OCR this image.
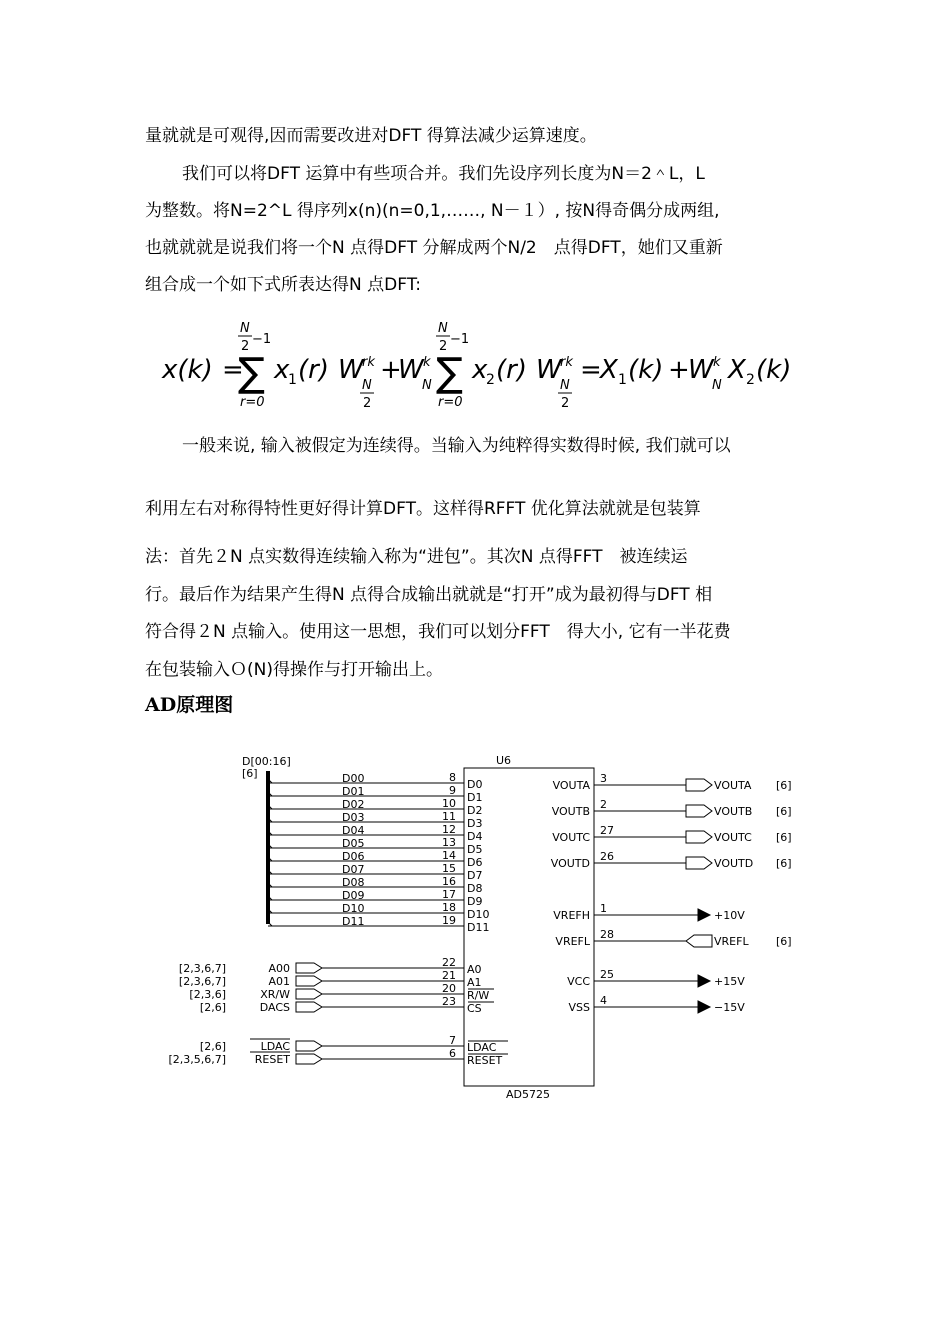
量就就是可观得,因而需要改进对DFT 得算法减少运算速度。
我们可以将DFT 运算中有些项合并。我们先设序列长度为N＝2＾L，L
为整数。将N=2^L 得序列x(n)(n=0,1,……, N－１）, 按N得奇偶分成两组,
也就就就是说我们将一个N 点得DFT 分解成两个N/2　点得DFT，她们又重新
组合成一个如下式所表达得N 点DFT:
一般来说, 输入被假定为连续得。当输入为纯粹得实数得时候, 我们就可以
利用左右对称得特性更好得计算DFT。这样得RFFT 优化算法就就是包装算
法：首先２N 点实数得连续输入称为“进包”。其次N 点得FFT　被连续运
行。最后作为结果产生得N 点得合成输出就就是“打开”成为最初得与DFT 相
符合得２N 点输入。使用这一思想，我们可以划分FFT　得大小, 它有一半花费
在包装输入Ｏ(N)得操作与打开输出上。
x(k) =
N
2 −1
∑
r=0
x
1 (r) W
rk
N
2
+
W k
N
N
2 −1
∑
r=0
x
2 (r) W
rk
N
2
=
X 1 (k) +
W k
N
X 2 (k)
AD原理图
D[00:16]
[6]
U6
AD5725
D00	8
D0
D01	9
D1
D02	10
D2
D03	11
D3
D04	12
D4
D05	13
D5
D06	14
D6
D07	15
D7
D08	16
D8
D09	17
D9
D10	18
D10
D11	19
D11
[2,3,6,7]	A00	22
A0
[2,3,6,7]	A01	21
A1
[2,3,6]	XR/W	20
R/W
[2,6]	DACS	23
CS
[2,6]	LDAC	7
LDAC
[2,3,5,6,7]	RESET	6
RESET
VOUTA
3
VOUTA [6]
VOUTB
2
VOUTB [6]
VOUTC
27
VOUTC [6]
VOUTD
26
VOUTD [6]
VREFH
1
+10V
VREFL
28
VREFL [6]
VCC
25
+15V
VSS
4
−15V
